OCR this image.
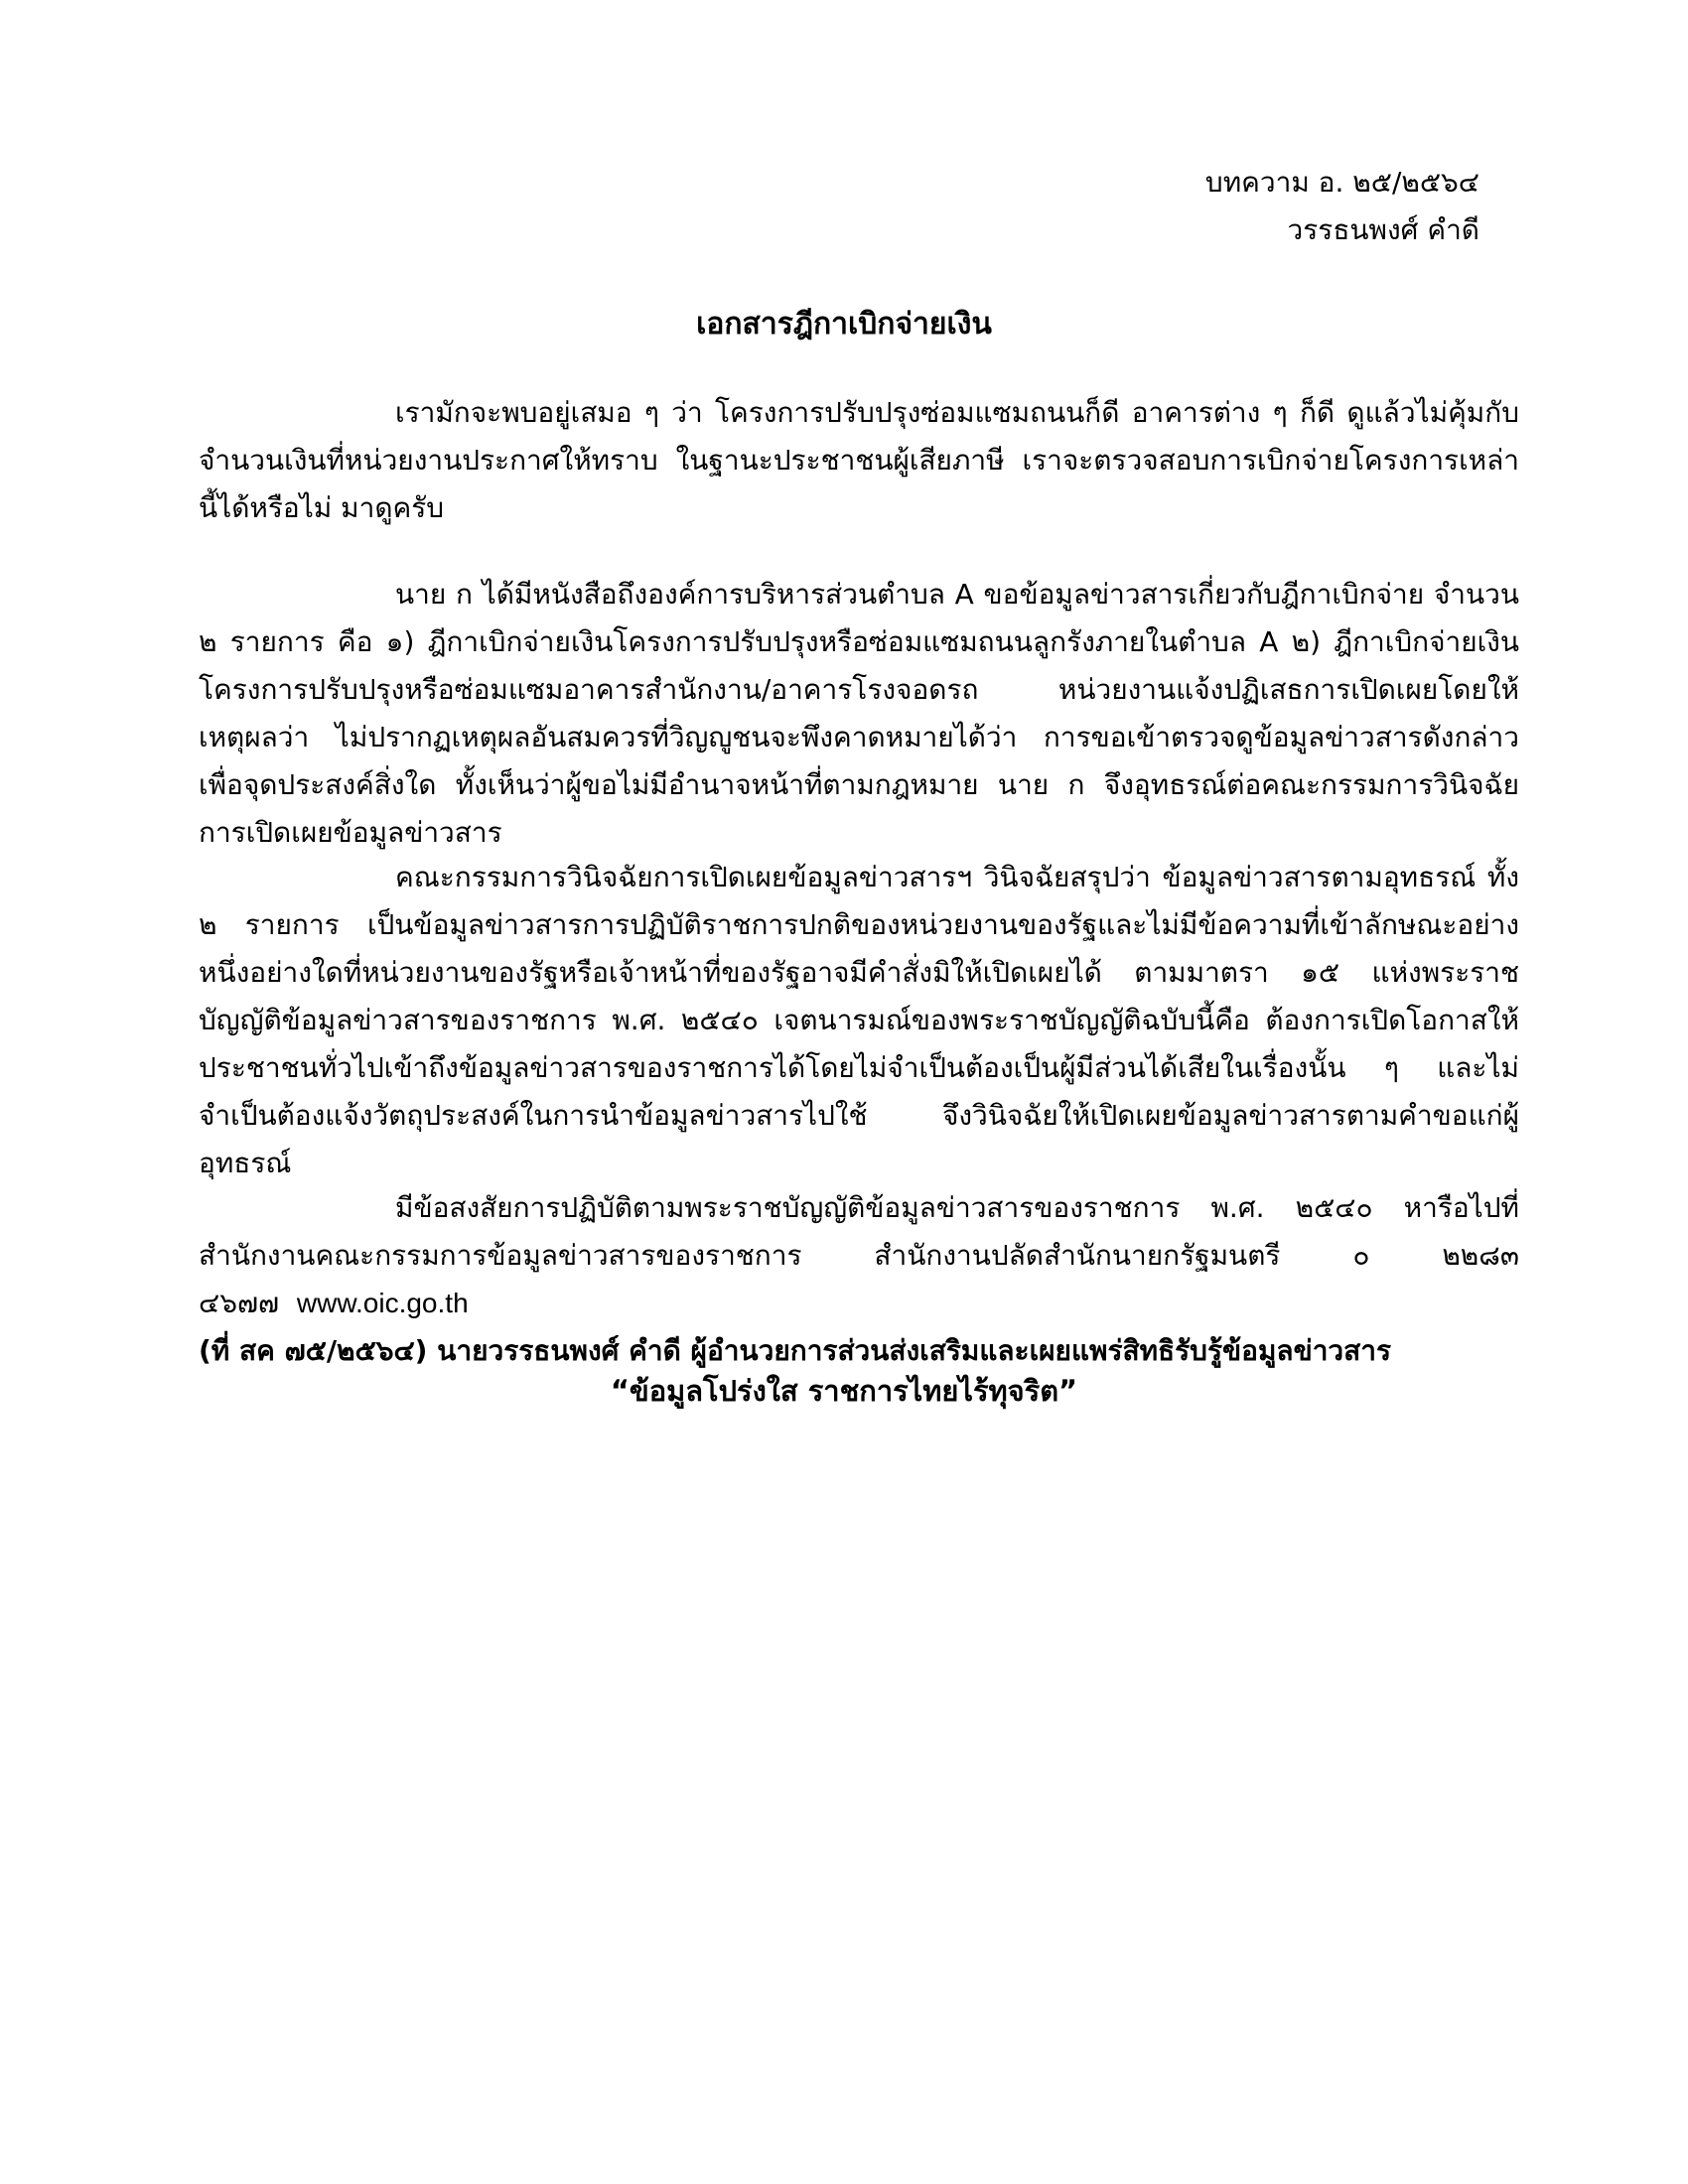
บทความ อ. ๒๕/๒๕๖๔
วรรธนพงศ์ คำดี
เอกสารฎีกาเบิกจ่ายเงิน

เรามักจะพบอยู่เสมอ ๆ ว่า โครงการปรับปรุงซ่อมแซมถนนก็ดี อาคารต่าง ๆ ก็ดี ดูแล้วไม่คุ้มกับจำนวนเงินที่หน่วยงานประกาศให้ทราบ ในฐานะประชาชนผู้เสียภาษี เราจะตรวจสอบการเบิกจ่ายโครงการเหล่านี้ได้หรือไม่ มาดูครับ

นาย ก ได้มีหนังสือถึงองค์การบริหารส่วนตำบล A ขอข้อมูลข่าวสารเกี่ยวกับฎีกาเบิกจ่าย จำนวน ๒ รายการ คือ ๑) ฎีกาเบิกจ่ายเงินโครงการปรับปรุงหรือซ่อมแซมถนนลูกรังภายในตำบล A ๒) ฎีกาเบิกจ่ายเงินโครงการปรับปรุงหรือซ่อมแซมอาคารสำนักงาน/อาคารโรงจอดรถ หน่วยงานแจ้งปฏิเสธการเปิดเผยโดยให้เหตุผลว่า ไม่ปรากฏเหตุผลอันสมควรที่วิญญูชนจะพึงคาดหมายได้ว่า การขอเข้าตรวจดูข้อมูลข่าวสารดังกล่าวเพื่อจุดประสงค์สิ่งใด ทั้งเห็นว่าผู้ขอไม่มีอำนาจหน้าที่ตามกฎหมาย นาย ก จึงอุทธรณ์ต่อคณะกรรมการวินิจฉัยการเปิดเผยข้อมูลข่าวสาร

คณะกรรมการวินิจฉัยการเปิดเผยข้อมูลข่าวสารฯ วินิจฉัยสรุปว่า ข้อมูลข่าวสารตามอุทธรณ์ ทั้ง ๒ รายการ เป็นข้อมูลข่าวสารการปฏิบัติราชการปกติของหน่วยงานของรัฐและไม่มีข้อความที่เข้าลักษณะอย่างหนึ่งอย่างใดที่หน่วยงานของรัฐหรือเจ้าหน้าที่ของรัฐอาจมีคำสั่งมิให้เปิดเผยได้ ตามมาตรา ๑๕ แห่งพระราชบัญญัติข้อมูลข่าวสารของราชการ พ.ศ. ๒๕๔๐ เจตนารมณ์ของพระราชบัญญัติฉบับนี้คือ ต้องการเปิดโอกาสให้ประชาชนทั่วไปเข้าถึงข้อมูลข่าวสารของราชการได้โดยไม่จำเป็นต้องเป็นผู้มีส่วนได้เสียในเรื่องนั้น ๆ และไม่จำเป็นต้องแจ้งวัตถุประสงค์ในการนำข้อมูลข่าวสารไปใช้ จึงวินิจฉัยให้เปิดเผยข้อมูลข่าวสารตามคำขอแก่ผู้อุทธรณ์

มีข้อสงสัยการปฏิบัติตามพระราชบัญญัติข้อมูลข่าวสารของราชการ พ.ศ. ๒๕๔๐ หารือไปที่สำนักงานคณะกรรมการข้อมูลข่าวสารของราชการ สำนักงานปลัดสำนักนายกรัฐมนตรี ๐ ๒๒๘๓ ๔๖๗๗ www.oic.go.th
(ที่ สค ๗๕/๒๕๖๔) นายวรรธนพงศ์ คำดี ผู้อำนวยการส่วนส่งเสริมและเผยแพร่สิทธิรับรู้ข้อมูลข่าวสาร
“ข้อมูลโปร่งใส ราชการไทยไร้ทุจริต”
